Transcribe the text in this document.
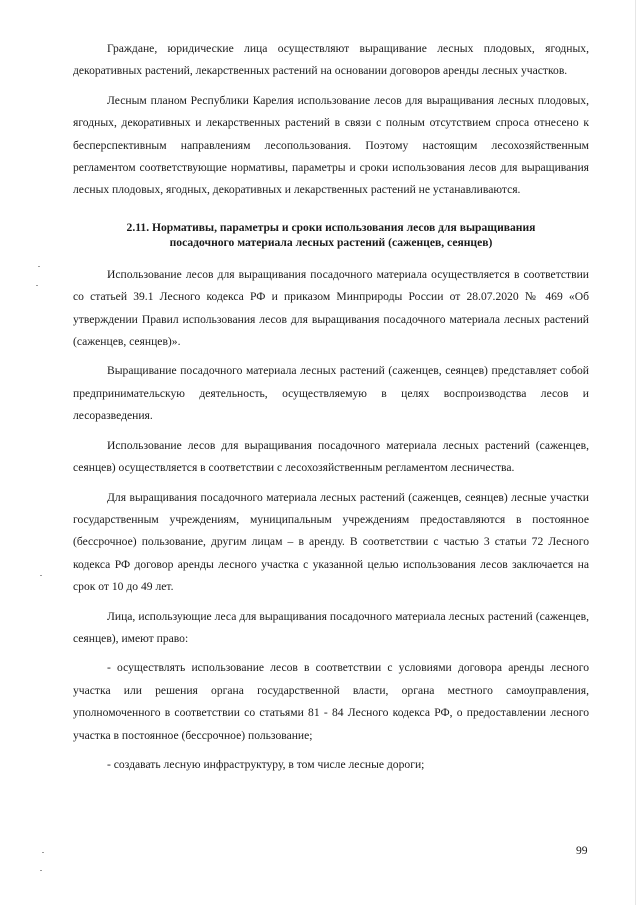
Граждане, юридические лица осуществляют выращивание лесных плодовых, ягодных, декоративных растений, лекарственных растений на основании договоров аренды лесных участков.

Лесным планом Республики Карелия использование лесов для выращивания лесных плодовых, ягодных, декоративных и лекарственных растений в связи с полным отсутствием спроса отнесено к бесперспективным направлениям лесопользования. Поэтому настоящим лесохозяйственным регламентом соответствующие нормативы, параметры и сроки использования лесов для выращивания лесных плодовых, ягодных, декоративных и лекарственных растений не устанавливаются.

2.11. Нормативы, параметры и сроки использования лесов для выращивания посадочного материала лесных растений (саженцев, сеянцев)

Использование лесов для выращивания посадочного материала осуществляется в соответствии со статьей 39.1 Лесного кодекса РФ и приказом Минприроды России от 28.07.2020 № 469 «Об утверждении Правил использования лесов для выращивания посадочного материала лесных растений (саженцев, сеянцев)».

Выращивание посадочного материала лесных растений (саженцев, сеянцев) представляет собой предпринимательскую деятельность, осуществляемую в целях воспроизводства лесов и лесоразведения.

Использование лесов для выращивания посадочного материала лесных растений (саженцев, сеянцев) осуществляется в соответствии с лесохозяйственным регламентом лесничества.

Для выращивания посадочного материала лесных растений (саженцев, сеянцев) лесные участки государственным учреждениям, муниципальным учреждениям предоставляются в постоянное (бессрочное) пользование, другим лицам – в аренду. В соответствии с частью 3 статьи 72 Лесного кодекса РФ договор аренды лесного участка с указанной целью использования лесов заключается на срок от 10 до 49 лет.

Лица, использующие леса для выращивания посадочного материала лесных растений (саженцев, сеянцев), имеют право:

- осуществлять использование лесов в соответствии с условиями договора аренды лесного участка или решения органа государственной власти, органа местного самоуправления, уполномоченного в соответствии со статьями 81 - 84 Лесного кодекса РФ, о предоставлении лесного участка в постоянное (бессрочное) пользование;

- создавать лесную инфраструктуру, в том числе лесные дороги;

99
